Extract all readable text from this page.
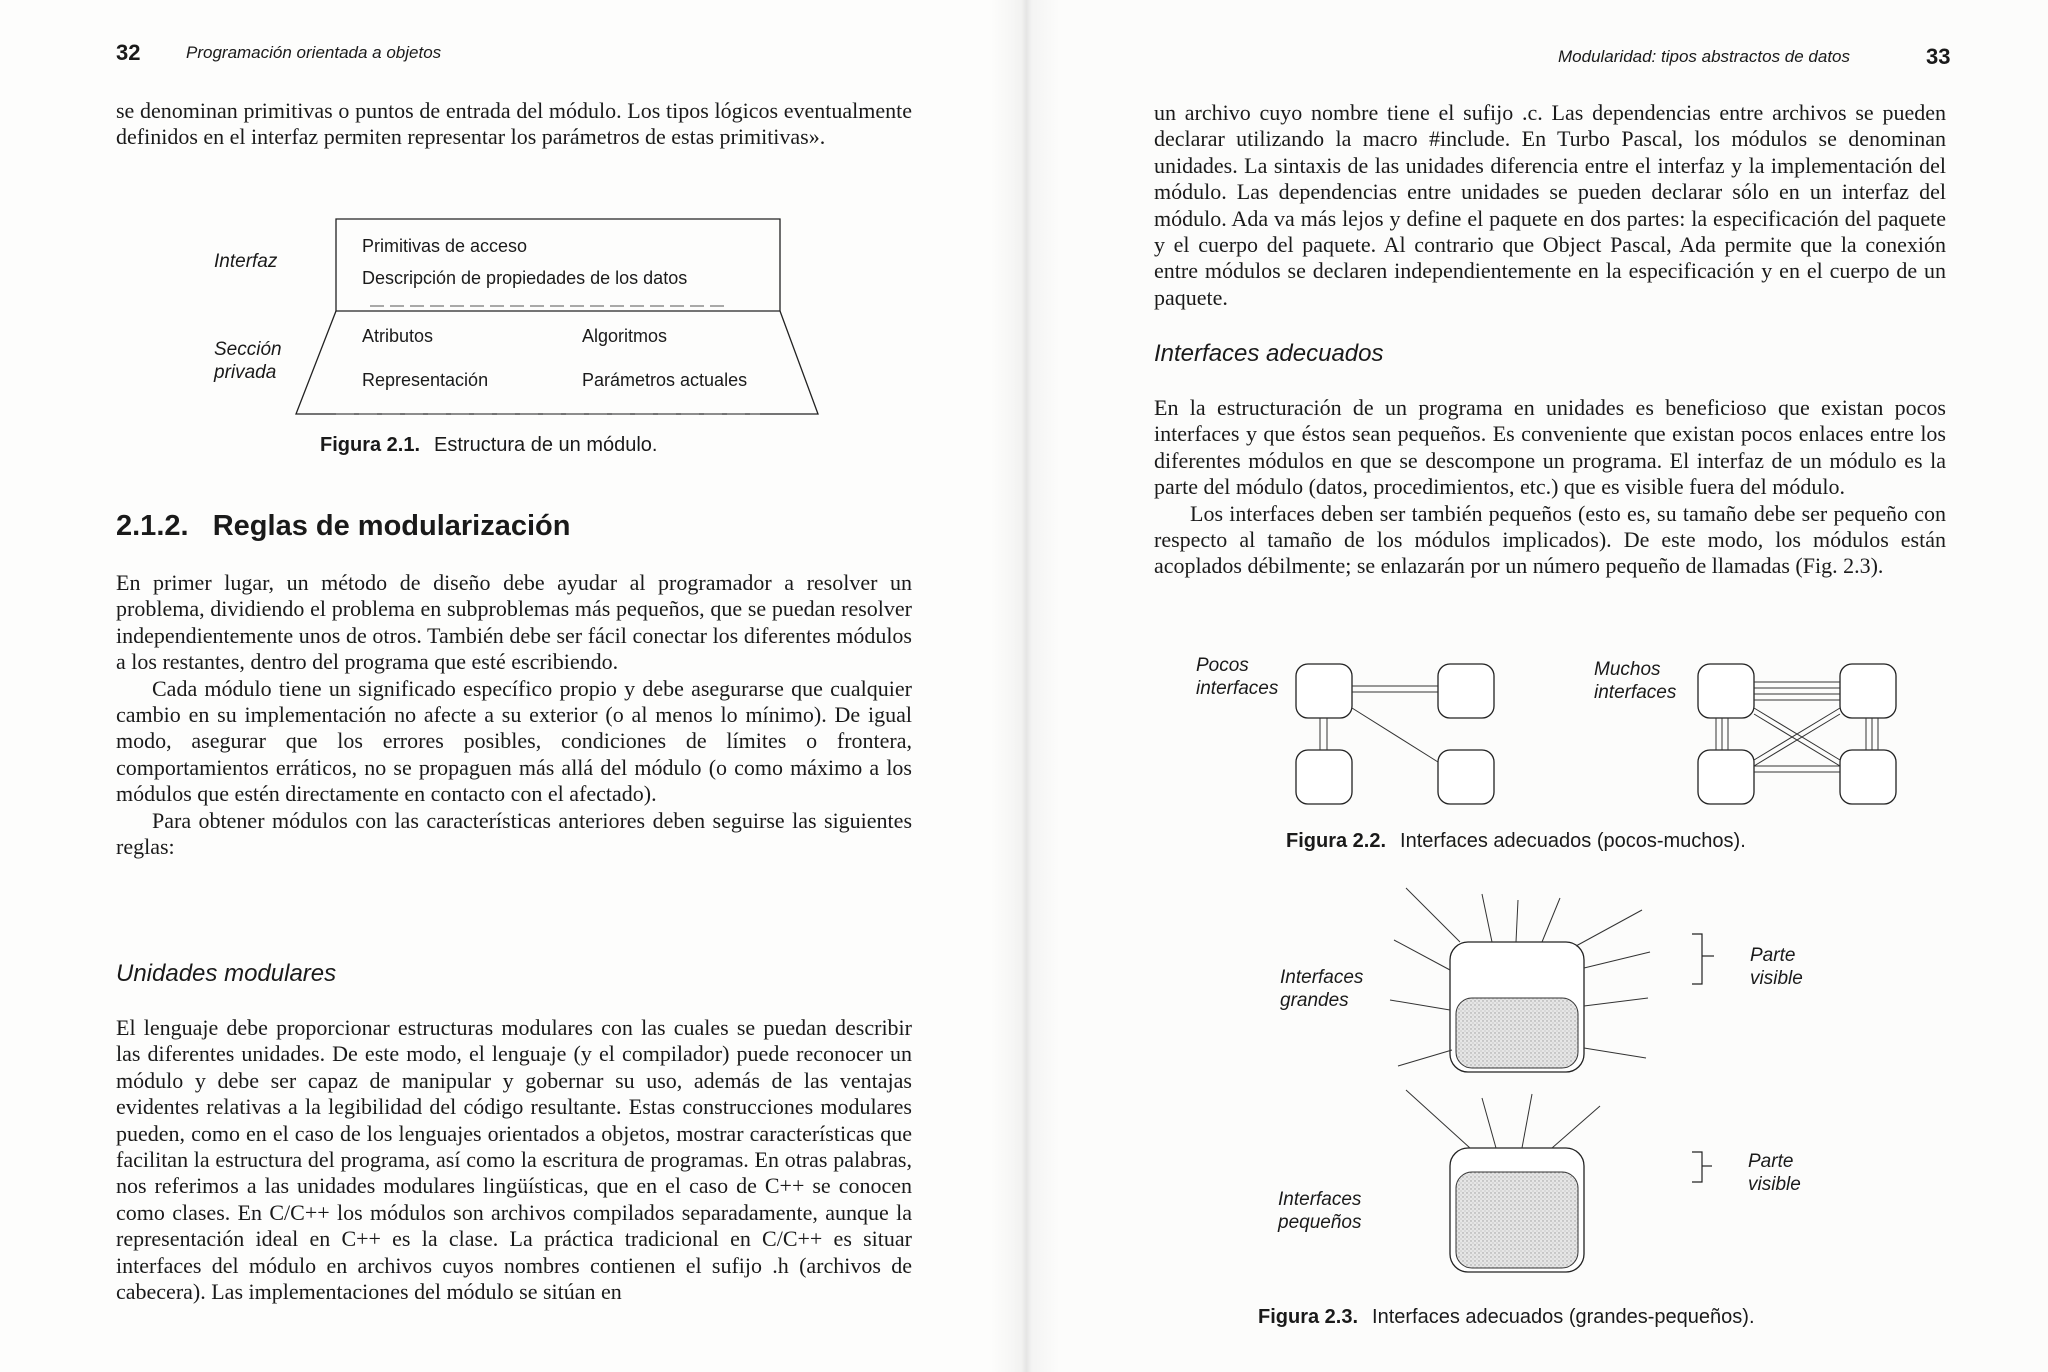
32	Programación orientada a objetos
se denominan primitivas o puntos de entrada del módulo. Los tipos lógicos eventualmente definidos en el interfaz permiten representar los parámetros de estas primitivas».
Interfaz
Sección privada
Primitivas de acceso
Descripción de propiedades de los datos
Atributos	Algoritmos
Representación	Parámetros actuales
Figura 2.1. Estructura de un módulo.
2.1.2.   Reglas de modularización

En primer lugar, un método de diseño debe ayudar al programador a resolver un problema, dividiendo el problema en subproblemas más pequeños, que se puedan resolver independientemente unos de otros. También debe ser fácil conectar los diferentes módulos a los restantes, dentro del programa que esté escribiendo.

Cada módulo tiene un significado específico propio y debe asegurarse que cualquier cambio en su implementación no afecte a su exterior (o al menos lo mínimo). De igual modo, asegurar que los errores posibles, condiciones de límites o frontera, comportamientos erráticos, no se propaguen más allá del módulo (o como máximo a los módulos que estén directamente en contacto con el afectado).

Para obtener módulos con las características anteriores deben seguirse las siguientes reglas:

Unidades modulares
El lenguaje debe proporcionar estructuras modulares con las cuales se puedan describir las diferentes unidades. De este modo, el lenguaje (y el compilador) puede reconocer un módulo y debe ser capaz de manipular y gobernar su uso, además de las ventajas evidentes relativas a la legibilidad del código resultante. Estas construcciones modulares pueden, como en el caso de los lenguajes orientados a objetos, mostrar características que facilitan la estructura del programa, así como la escritura de programas. En otras palabras, nos referimos a las unidades modulares lingüísticas, que en el caso de C++ se conocen como clases. En C/C++ los módulos son archivos compilados separadamente, aunque la representación ideal en C++ es la clase. La práctica tradicional en C/C++ es situar interfaces del módulo en archivos cuyos nombres contienen el sufijo .h (archivos de cabecera). Las implementaciones del módulo se sitúan en
Modularidad: tipos abstractos de datos	33
un archivo cuyo nombre tiene el sufijo .c. Las dependencias entre archivos se pueden declarar utilizando la macro #include. En Turbo Pascal, los módulos se denominan unidades. La sintaxis de las unidades diferencia entre el interfaz y la implementación del módulo. Las dependencias entre unidades se pueden declarar sólo en un interfaz del módulo. Ada va más lejos y define el paquete en dos partes: la especificación del paquete y el cuerpo del paquete. Al contrario que Object Pascal, Ada permite que la conexión entre módulos se declaren independientemente en la especificación y en el cuerpo de un paquete.
Interfaces adecuados

En la estructuración de un programa en unidades es beneficioso que existan pocos interfaces y que éstos sean pequeños. Es conveniente que existan pocos enlaces entre los diferentes módulos en que se descompone un programa. El interfaz de un módulo es la parte del módulo (datos, procedimientos, etc.) que es visible fuera del módulo.

Los interfaces deben ser también pequeños (esto es, su tamaño debe ser pequeño con respecto al tamaño de los módulos implicados). De este modo, los módulos están acoplados débilmente; se enlazarán por un número pequeño de llamadas (Fig. 2.3).

Pocos interfaces
Muchos interfaces
Figura 2.2. Interfaces adecuados (pocos-muchos).
Interfaces grandes
Interfaces pequeños
Parte visible
Parte visible
Figura 2.3. Interfaces adecuados (grandes-pequeños).
